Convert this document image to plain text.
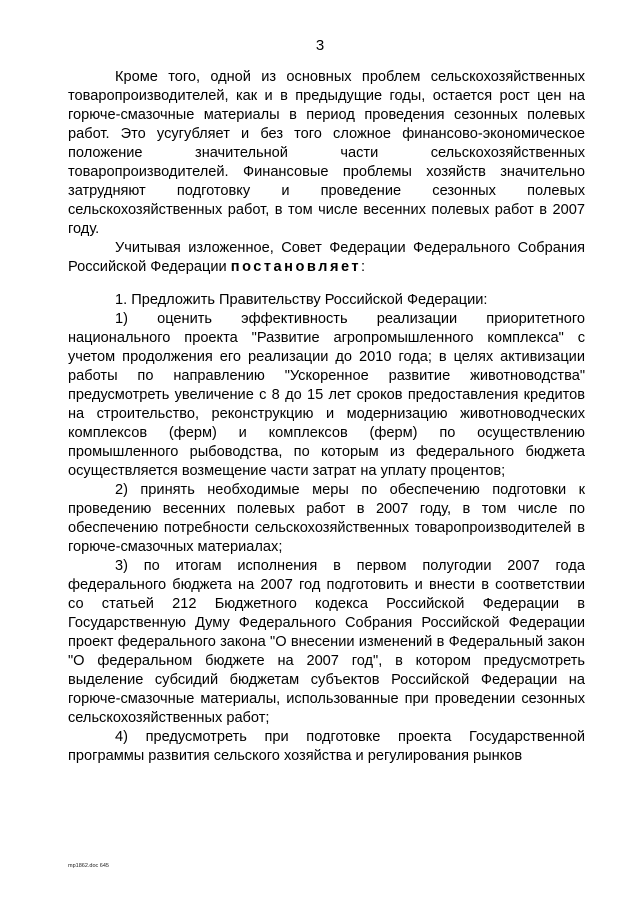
3

Кроме того, одной из основных проблем сельскохозяйственных товаропроизводителей, как и в предыдущие годы, остается рост цен на горюче-смазочные материалы в период проведения сезонных полевых работ. Это усугубляет и без того сложное финансово-экономическое положение значительной части сельскохозяйственных товаропроизводителей. Финансовые проблемы хозяйств значительно затрудняют подготовку и проведение сезонных полевых сельскохозяйственных работ, в том числе весенних полевых работ в 2007 году.

Учитывая изложенное, Совет Федерации Федерального Собрания Российской Федерации постановляет:

1. Предложить Правительству Российской Федерации:

1) оценить эффективность реализации приоритетного национального проекта "Развитие агропромышленного комплекса" с учетом продолжения его реализации до 2010 года; в целях активизации работы по направлению "Ускоренное развитие животноводства" предусмотреть увеличение с 8 до 15 лет сроков предоставления кредитов на строительство, реконструкцию и модернизацию животноводческих комплексов (ферм) и комплексов (ферм) по осуществлению промышленного рыбоводства, по которым из федерального бюджета осуществляется возмещение части затрат на уплату процентов;

2) принять необходимые меры по обеспечению подготовки к проведению весенних полевых работ в 2007 году, в том числе по обеспечению потребности сельскохозяйственных товаропроизводителей в горюче-смазочных материалах;

3) по итогам исполнения в первом полугодии 2007 года федерального бюджета на 2007 год подготовить и внести в соответствии со статьей 212 Бюджетного кодекса Российской Федерации в Государственную Думу Федерального Собрания Российской Федерации проект федерального закона "О внесении изменений в Федеральный закон "О федеральном бюджете на 2007 год", в котором предусмотреть выделение субсидий бюджетам субъектов Российской Федерации на горюче-смазочные материалы, использованные при проведении сезонных сельскохозяйственных работ;

4) предусмотреть при подготовке проекта Государственной программы развития сельского хозяйства и регулирования рынков

mp1862.doc 645
